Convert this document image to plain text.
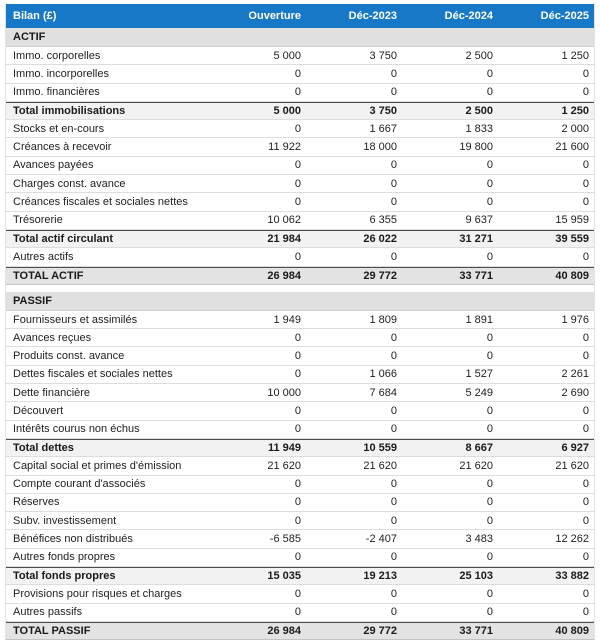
Bilan (£)	Ouverture	Déc-2023	Déc-2024	Déc-2025
ACTIF
Immo. corporelles	5 000	3 750	2 500	1 250
Immo. incorporelles	0	0	0	0
Immo. financières	0	0	0	0
Total immobilisations	5 000	3 750	2 500	1 250
Stocks et en-cours	0	1 667	1 833	2 000
Créances à recevoir	11 922	18 000	19 800	21 600
Avances payées	0	0	0	0
Charges const. avance	0	0	0	0
Créances fiscales et sociales nettes	0	0	0	0
Trésorerie	10 062	6 355	9 637	15 959
Total actif circulant	21 984	26 022	31 271	39 559
Autres actifs	0	0	0	0
TOTAL ACTIF	26 984	29 772	33 771	40 809
PASSIF
Fournisseurs et assimilés	1 949	1 809	1 891	1 976
Avances reçues	0	0	0	0
Produits const. avance	0	0	0	0
Dettes fiscales et sociales nettes	0	1 066	1 527	2 261
Dette financière	10 000	7 684	5 249	2 690
Découvert	0	0	0	0
Intérêts courus non échus	0	0	0	0
Total dettes	11 949	10 559	8 667	6 927
Capital social et primes d'émission	21 620	21 620	21 620	21 620
Compte courant d'associés	0	0	0	0
Réserves	0	0	0	0
Subv. investissement	0	0	0	0
Bénéfices non distribués	-6 585	-2 407	3 483	12 262
Autres fonds propres	0	0	0	0
Total fonds propres	15 035	19 213	25 103	33 882
Provisions pour risques et charges	0	0	0	0
Autres passifs	0	0	0	0
TOTAL PASSIF	26 984	29 772	33 771	40 809
